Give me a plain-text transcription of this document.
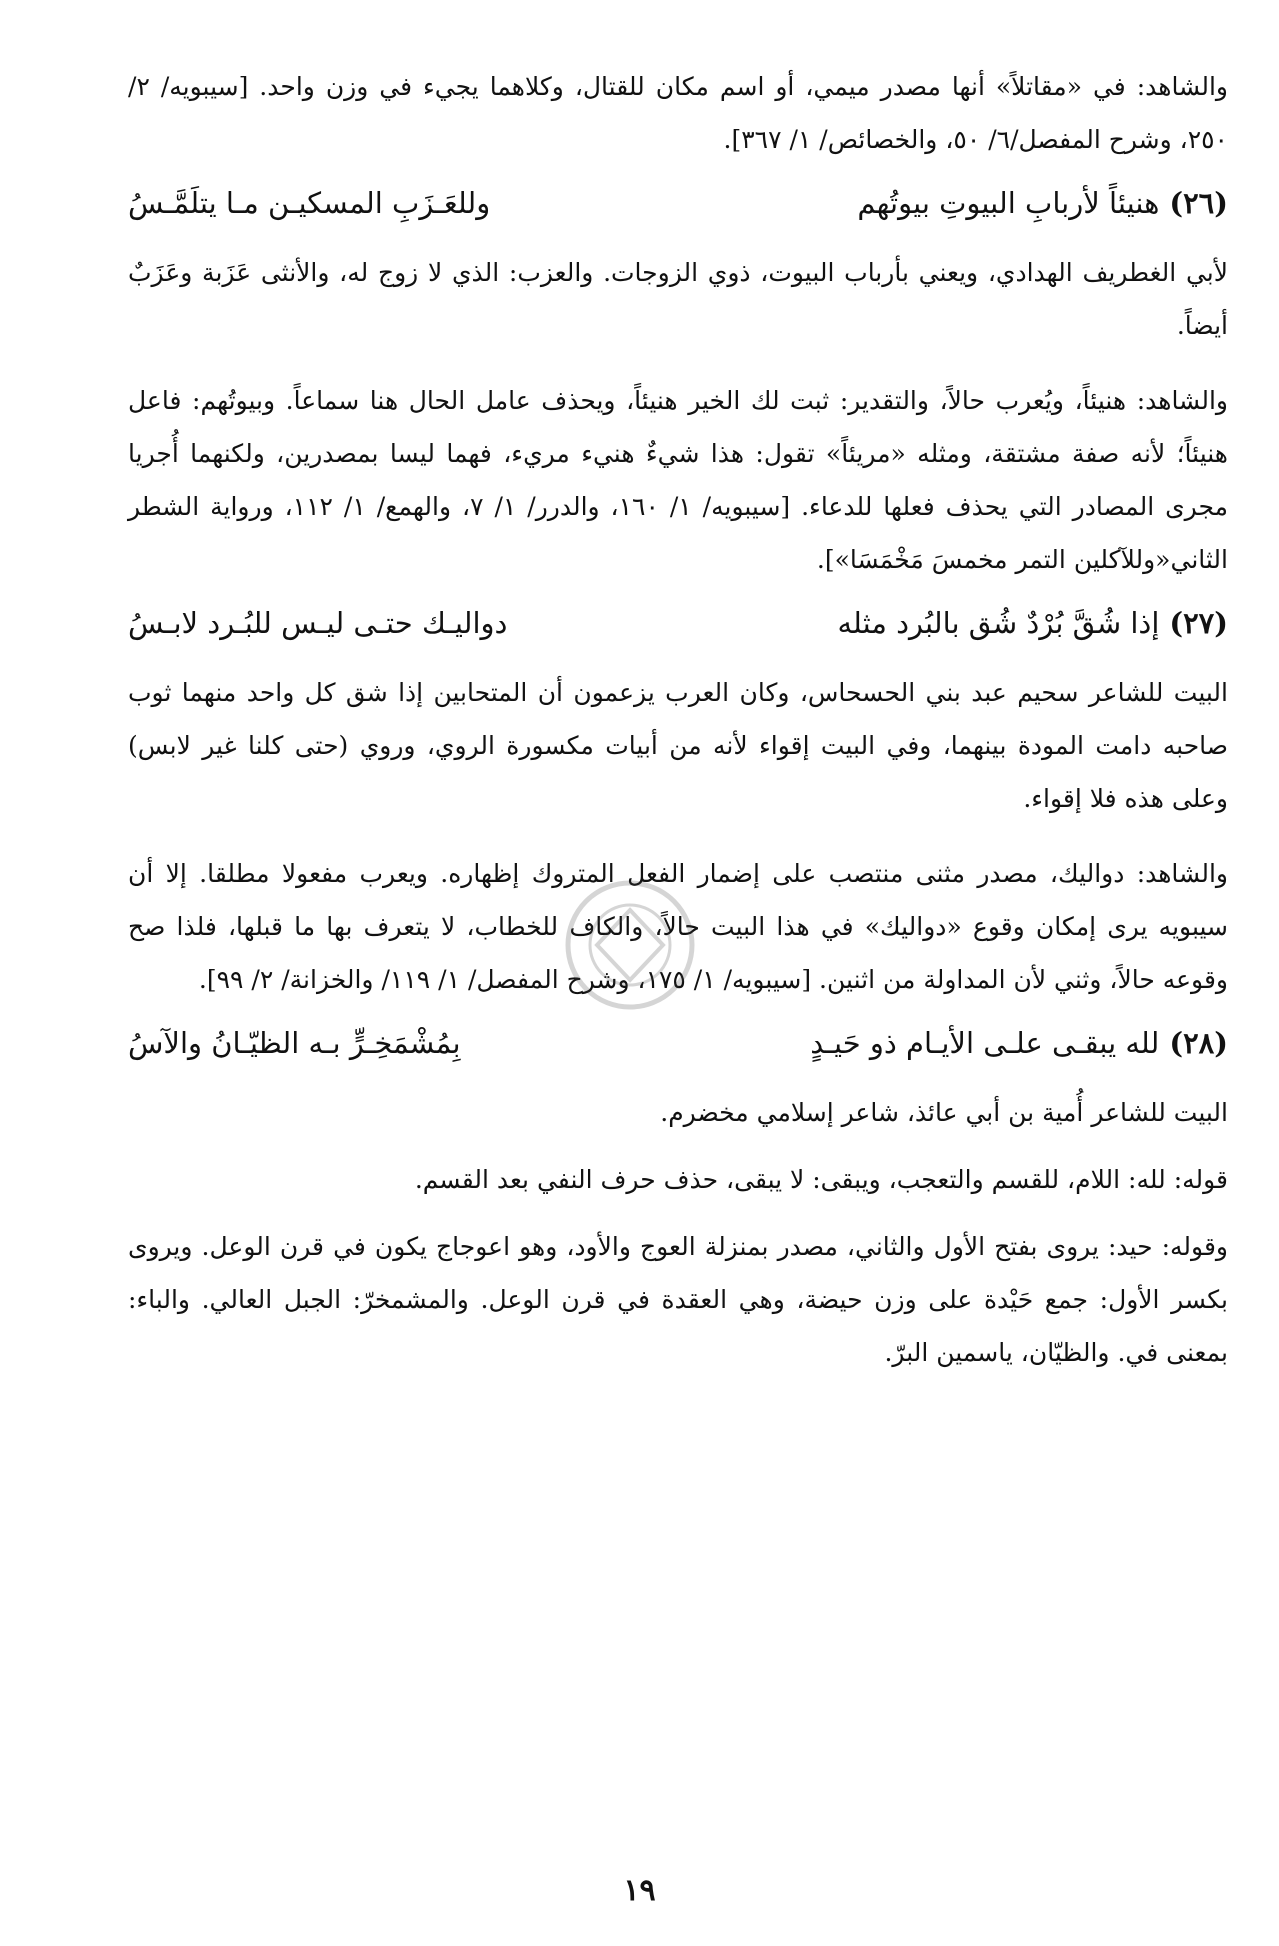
والشاهد: في «مقاتلاً» أنها مصدر ميمي، أو اسم مكان للقتال، وكلاهما يجيء في وزن واحد. [سيبويه/ ٢/ ٢٥٠، وشرح المفصل/٦/ ٥٠، والخصائص/ ١/ ٣٦٧].

(٢٦)
هنيئاً لأربابِ البيوتِ بيوتُهم
وللعَـزَبِ المسكيـن مـا يتلَمَّـسُ

لأبي الغطريف الهدادي، ويعني بأرباب البيوت، ذوي الزوجات. والعزب: الذي لا زوج له، والأنثى عَزَبة وعَزَبٌ أيضاً.

والشاهد: هنيئاً، ويُعرب حالاً، والتقدير: ثبت لك الخير هنيئاً، ويحذف عامل الحال هنا سماعاً. وبيوتُهم: فاعل هنيئاً؛ لأنه صفة مشتقة، ومثله «مريئاً» تقول: هذا شيءٌ هنيء مريء، فهما ليسا بمصدرين، ولكنهما أُجريا مجرى المصادر التي يحذف فعلها للدعاء. [سيبويه/ ١/ ١٦٠، والدرر/ ١/ ٧، والهمع/ ١/ ١١٢، ورواية الشطر الثاني«وللآكلين التمر مخمسَ مَخْمَسَا»].

(٢٧)
إذا شُقَّ بُرْدٌ شُق بالبُرد مثله
دواليـك حتـى ليـس للبُـرد لابـسُ

البيت للشاعر سحيم عبد بني الحسحاس، وكان العرب يزعمون أن المتحابين إذا شق كل واحد منهما ثوب صاحبه دامت المودة بينهما، وفي البيت إقواء لأنه من أبيات مكسورة الروي، وروي (حتى كلنا غير لابس) وعلى هذه فلا إقواء.

والشاهد: دواليك، مصدر مثنى منتصب على إضمار الفعل المتروك إظهاره. ويعرب مفعولا مطلقا. إلا أن سيبويه يرى إمكان وقوع «دواليك» في هذا البيت حالاً، والكاف للخطاب، لا يتعرف بها ما قبلها، فلذا صح وقوعه حالاً، وثني لأن المداولة من اثنين. [سيبويه/ ١/ ١٧٥، وشرح المفصل/ ١/ ١١٩/ والخزانة/ ٢/ ٩٩].

(٢٨)
لله يبقـى علـى الأيـام ذو حَيـدٍ
بِمُشْمَخِـرٍّ بـه الظيّـانُ والآسُ

البيت للشاعر أُمية بن أبي عائذ، شاعر إسلامي مخضرم.

قوله: لله: اللام، للقسم والتعجب، ويبقى: لا يبقى، حذف حرف النفي بعد القسم.

وقوله: حيد: يروى بفتح الأول والثاني، مصدر بمنزلة العوج والأود، وهو اعوجاج يكون في قرن الوعل. ويروى بكسر الأول: جمع حَيْدة على وزن حيضة، وهي العقدة في قرن الوعل. والمشمخرّ: الجبل العالي. والباء: بمعنى في. والظيّان، ياسمين البرّ.

١٩
